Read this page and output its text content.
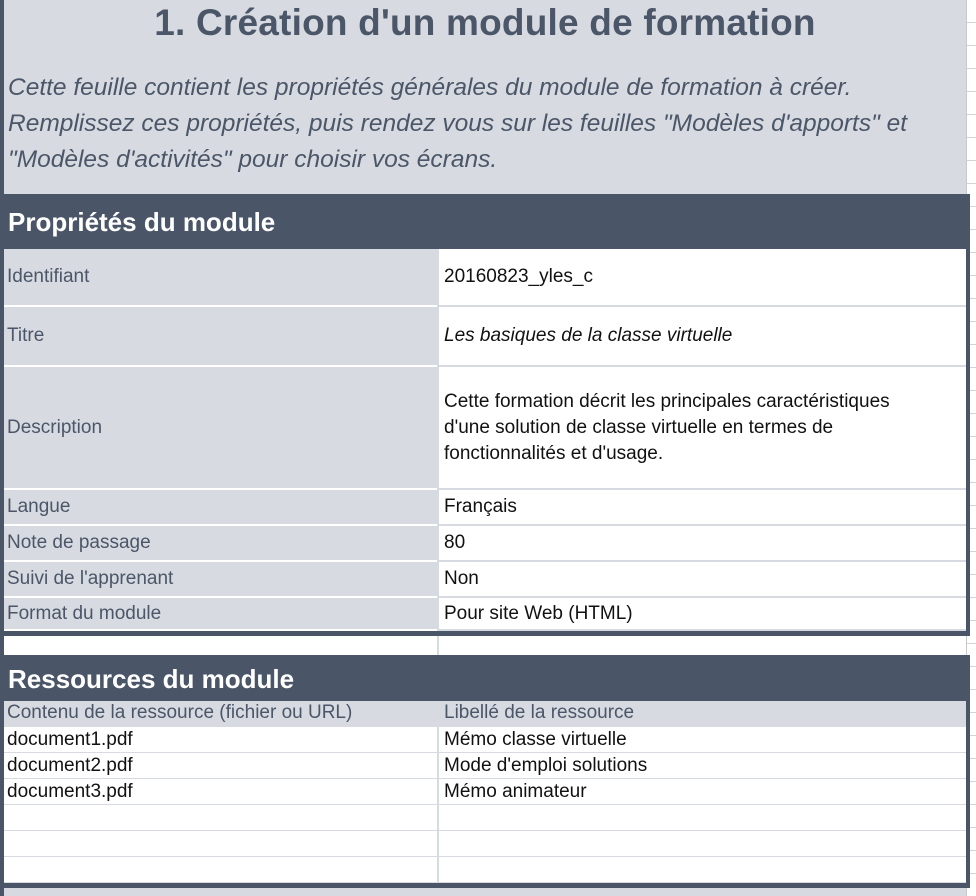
1. Création d'un module de formation
Cette feuille contient les propriétés générales du module de formation à créer. Remplissez ces propriétés, puis rendez vous sur les feuilles "Modèles d'apports" et "Modèles d'activités" pour choisir vos écrans.
Propriétés du module
Identifiant	20160823_yles_c
Titre	Les basiques de la classe virtuelle
Description
Cette formation décrit les principales caractéristiques d'une solution de classe virtuelle en termes de fonctionnalités et d'usage.
Langue	Français
Note de passage	80
Suivi de l'apprenant	Non
Format du module	Pour site Web (HTML)
Ressources du module
Contenu de la ressource (fichier ou URL)	Libellé de la ressource
document1.pdf	Mémo classe virtuelle
document2.pdf	Mode d'emploi solutions
document3.pdf	Mémo animateur
